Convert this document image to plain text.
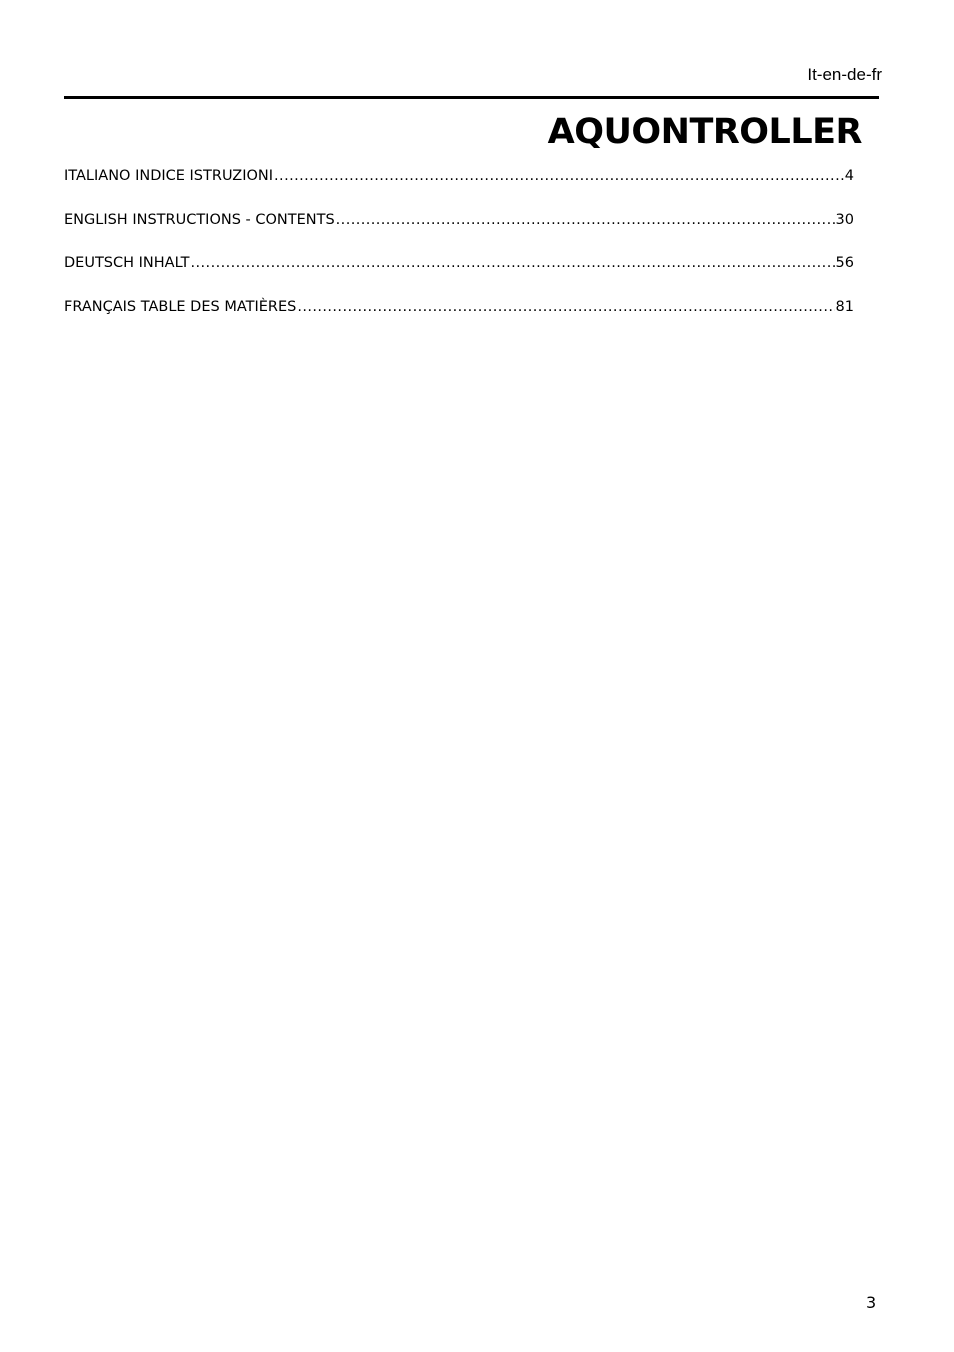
It-en-de-fr
AQUONTROLLER
ITALIANO INDICE ISTRUZIONI .....	4
ENGLISH INSTRUCTIONS - CONTENTS .....	30
DEUTSCH INHALT .....	56
FRANÇAIS TABLE DES MATIÈRES .....	81
3
